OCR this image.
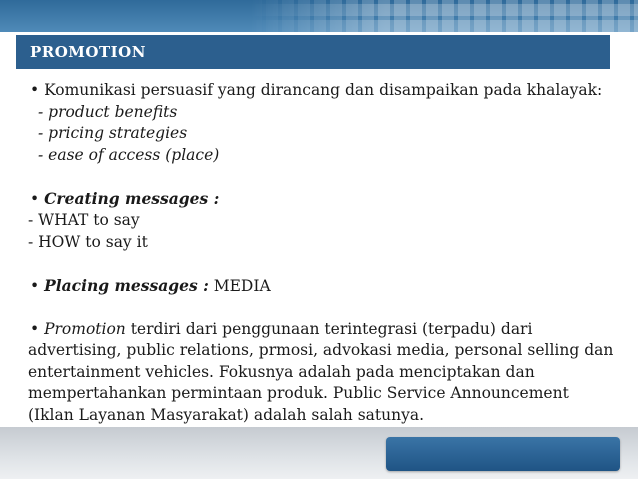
PROMOTION
• Komunikasi persuasif yang dirancang dan disampaikan pada khalayak:
- product benefits
- pricing strategies
- ease of access (place)
• Creating messages :
- WHAT to say
- HOW to say it
• Placing messages : MEDIA
• Promotion terdiri dari penggunaan terintegrasi (terpadu) dari
advertising, public relations, prmosi, advokasi media, personal selling dan
entertainment vehicles. Fokusnya adalah pada menciptakan dan
mempertahankan permintaan produk. Public Service Announcement
(Iklan Layanan Masyarakat) adalah salah satunya.
